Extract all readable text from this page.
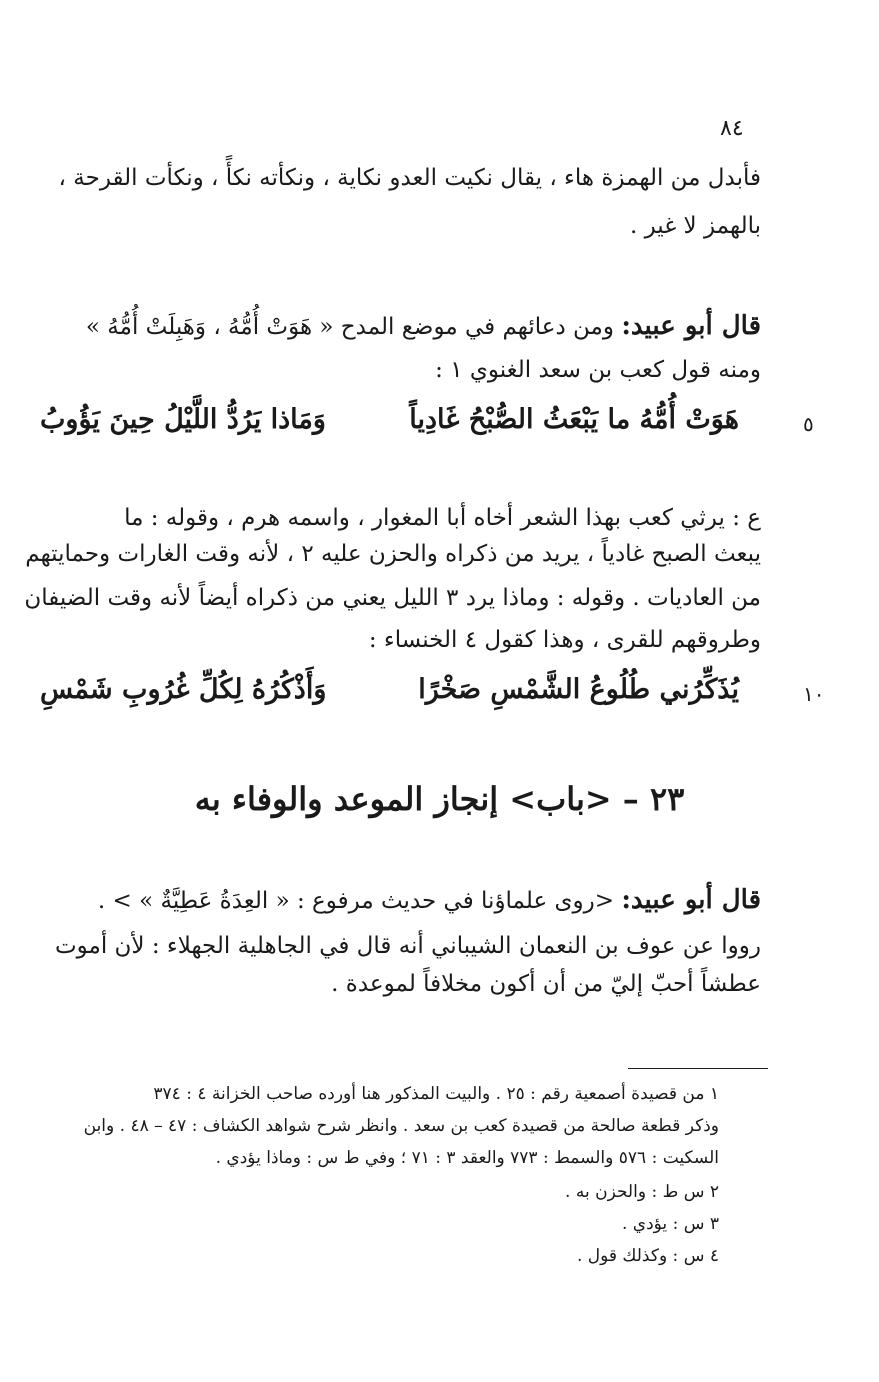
٨٤
فأبدل من الهمزة هاء ، يقال نكيت العدو نكاية ، ونكأته نكأً ، ونكأت القرحة ،
بالهمز لا غير .
قال أبو عبيد: ومن دعائهم في موضع المدح « هَوَتْ أُمُّهُ ، وَهَبِلَتْ أُمُّهُ »
ومنه قول كعب بن سعد الغنوي ١ :
٥
هَوَتْ أُمُّهُ ما يَبْعَثُ الصُّبْحُ غَادِياً
وَمَاذا يَرُدُّ اللَّيْلُ حِينَ يَؤُوبُ
ع : يرثي كعب بهذا الشعر أخاه أبا المغوار ، واسمه هرم ، وقوله : ما
يبعث الصبح غادياً ، يريد من ذكراه والحزن عليه ٢ ، لأنه وقت الغارات وحمايتهم
من العاديات . وقوله : وماذا يرد ٣ الليل يعني من ذكراه أيضاً لأنه وقت الضيفان
وطروقهم للقرى ، وهذا كقول ٤ الخنساء :
١٠
يُذَكِّرُني طُلُوعُ الشَّمْسِ صَخْرًا
وَأَذْكُرُهُ لِكُلِّ غُرُوبِ شَمْسِ
٢٣ – <باب> إنجاز الموعد والوفاء به
قال أبو عبيد: <روى علماؤنا في حديث مرفوع : « العِدَةُ عَطِيَّةٌ » > .
رووا عن عوف بن النعمان الشيباني أنه قال في الجاهلية الجهلاء : لأن أموت
عطشاً أحبّ إليّ من أن أكون مخلافاً لموعدة .
١ من قصيدة أصمعية رقم : ٢٥ . والبيت المذكور هنا أورده صاحب الخزانة ٤ : ٣٧٤
وذكر قطعة صالحة من قصيدة كعب بن سعد . وانظر شرح شواهد الكشاف : ٤٧ – ٤٨ . وابن
السكيت : ٥٧٦ والسمط : ٧٧٣ والعقد ٣ : ٧١ ؛ وفي ط س : وماذا يؤدي .
٢ س ط : والحزن به .
٣ س : يؤدي .
٤ س : وكذلك قول .
